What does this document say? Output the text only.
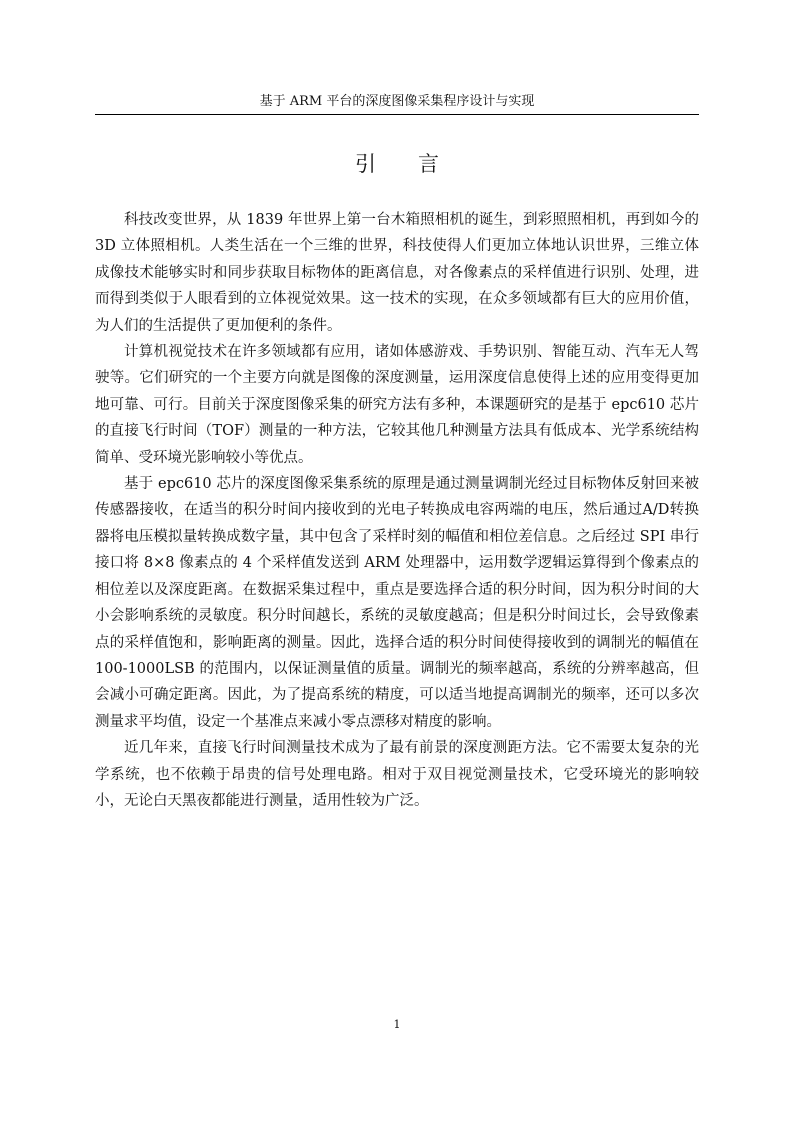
基于 ARM 平台的深度图像采集程序设计与实现
引言

科技改变世界，从 1839 年世界上第一台木箱照相机的诞生，到彩照照相机，再到如今的 3D 立体照相机。人类生活在一个三维的世界，科技使得人们更加立体地认识世界，三维立体成像技术能够实时和同步获取目标物体的距离信息，对各像素点的采样值进行识别、处理，进而得到类似于人眼看到的立体视觉效果。这一技术的实现，在众多领域都有巨大的应用价值，为人们的生活提供了更加便利的条件。

计算机视觉技术在许多领域都有应用，诸如体感游戏、手势识别、智能互动、汽车无人驾驶等。它们研究的一个主要方向就是图像的深度测量，运用深度信息使得上述的应用变得更加地可靠、可行。目前关于深度图像采集的研究方法有多种，本课题研究的是基于 epc610 芯片的直接飞行时间（TOF）测量的一种方法，它较其他几种测量方法具有低成本、光学系统结构简单、受环境光影响较小等优点。

基于 epc610 芯片的深度图像采集系统的原理是通过测量调制光经过目标物体反射回来被传感器接收，在适当的积分时间内接收到的光电子转换成电容两端的电压，然后通过A/D转换器将电压模拟量转换成数字量，其中包含了采样时刻的幅值和相位差信息。之后经过 SPI 串行接口将 8×8 像素点的 4 个采样值发送到 ARM 处理器中，运用数学逻辑运算得到个像素点的相位差以及深度距离。在数据采集过程中，重点是要选择合适的积分时间，因为积分时间的大小会影响系统的灵敏度。积分时间越长，系统的灵敏度越高；但是积分时间过长，会导致像素点的采样值饱和，影响距离的测量。因此，选择合适的积分时间使得接收到的调制光的幅值在 100-1000LSB 的范围内，以保证测量值的质量。调制光的频率越高，系统的分辨率越高，但会减小可确定距离。因此，为了提高系统的精度，可以适当地提高调制光的频率，还可以多次测量求平均值，设定一个基准点来减小零点漂移对精度的影响。

近几年来，直接飞行时间测量技术成为了最有前景的深度测距方法。它不需要太复杂的光学系统，也不依赖于昂贵的信号处理电路。相对于双目视觉测量技术，它受环境光的影响较小，无论白天黑夜都能进行测量，适用性较为广泛。

1
